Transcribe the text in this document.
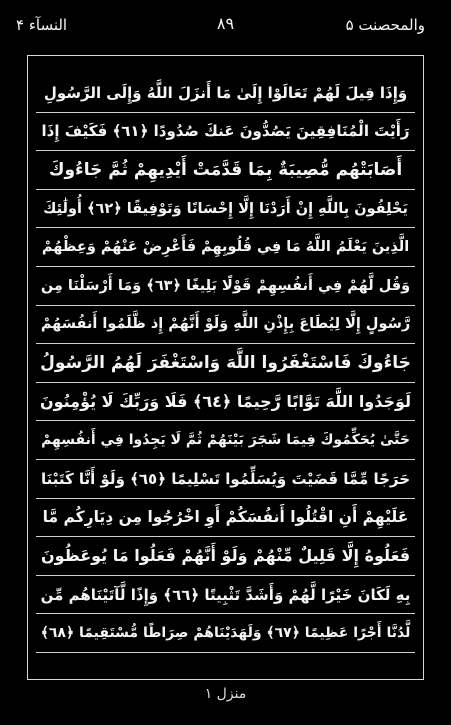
والمحصنت ۵
٨٩
النسآء ۴
وَإِذَا قِيلَ لَهُمْ تَعَالَوْا إِلَىٰ مَا أَنزَلَ اللَّهُ وَإِلَى الرَّسُولِ
رَأَيْتَ الْمُنَافِقِينَ يَصُدُّونَ عَنكَ صُدُودًا ﴿٦١﴾ فَكَيْفَ إِذَا
أَصَابَتْهُم مُّصِيبَةٌ بِمَا قَدَّمَتْ أَيْدِيهِمْ ثُمَّ جَاءُوكَ
يَحْلِفُونَ بِاللَّهِ إِنْ أَرَدْنَا إِلَّا إِحْسَانًا وَتَوْفِيقًا ﴿٦٢﴾ أُولَٰئِكَ
الَّذِينَ يَعْلَمُ اللَّهُ مَا فِي قُلُوبِهِمْ فَأَعْرِضْ عَنْهُمْ وَعِظْهُمْ
وَقُل لَّهُمْ فِي أَنفُسِهِمْ قَوْلًا بَلِيغًا ﴿٦٣﴾ وَمَا أَرْسَلْنَا مِن
رَّسُولٍ إِلَّا لِيُطَاعَ بِإِذْنِ اللَّهِ وَلَوْ أَنَّهُمْ إِذ ظَّلَمُوا أَنفُسَهُمْ
جَاءُوكَ فَاسْتَغْفَرُوا اللَّهَ وَاسْتَغْفَرَ لَهُمُ الرَّسُولُ
لَوَجَدُوا اللَّهَ تَوَّابًا رَّحِيمًا ﴿٦٤﴾ فَلَا وَرَبِّكَ لَا يُؤْمِنُونَ
حَتَّىٰ يُحَكِّمُوكَ فِيمَا شَجَرَ بَيْنَهُمْ ثُمَّ لَا يَجِدُوا فِي أَنفُسِهِمْ
حَرَجًا مِّمَّا قَضَيْتَ وَيُسَلِّمُوا تَسْلِيمًا ﴿٦٥﴾ وَلَوْ أَنَّا كَتَبْنَا
عَلَيْهِمْ أَنِ اقْتُلُوا أَنفُسَكُمْ أَوِ اخْرُجُوا مِن دِيَارِكُم مَّا
فَعَلُوهُ إِلَّا قَلِيلٌ مِّنْهُمْ وَلَوْ أَنَّهُمْ فَعَلُوا مَا يُوعَظُونَ
بِهِ لَكَانَ خَيْرًا لَّهُمْ وَأَشَدَّ تَثْبِيتًا ﴿٦٦﴾ وَإِذًا لَّآتَيْنَاهُم مِّن
لَّدُنَّا أَجْرًا عَظِيمًا ﴿٦٧﴾ وَلَهَدَيْنَاهُمْ صِرَاطًا مُّسْتَقِيمًا ﴿٦٨﴾
منزل ۱
